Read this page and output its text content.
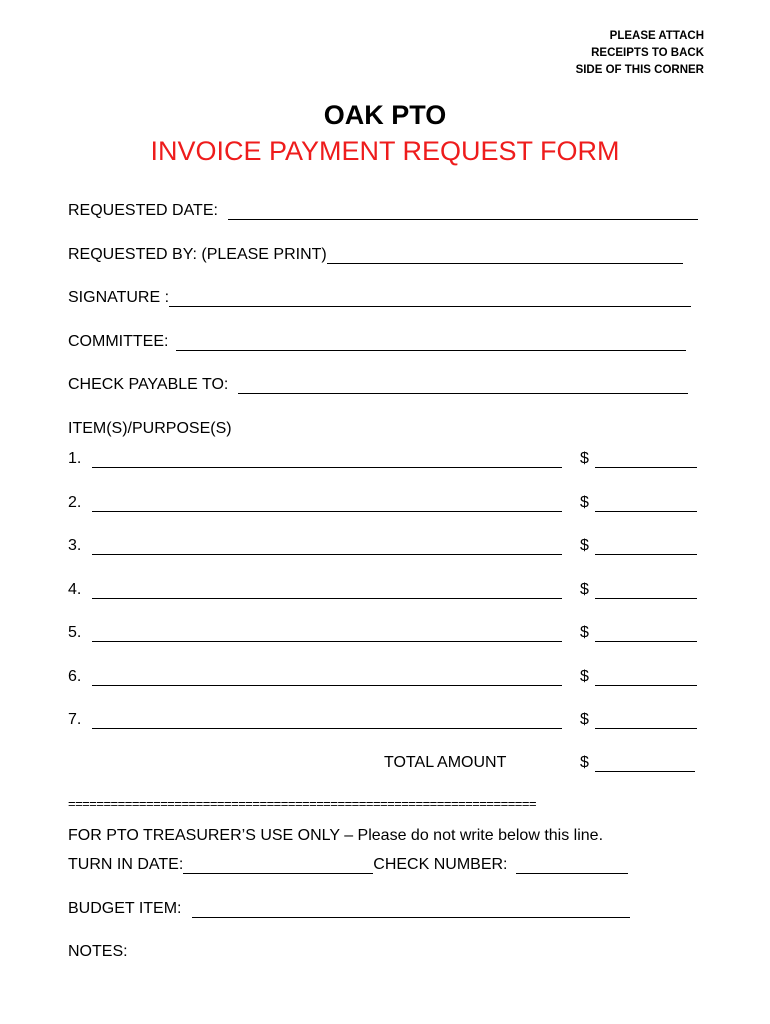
PLEASE ATTACH
RECEIPTS TO BACK
SIDE OF THIS CORNER
OAK PTO
INVOICE PAYMENT REQUEST FORM
REQUESTED DATE:
REQUESTED BY: (PLEASE PRINT)
SIGNATURE :
COMMITTEE:
CHECK PAYABLE TO:
ITEM(S)/PURPOSE(S)
1.	$
2.	$
3.	$
4.	$
5.	$
6.	$
7.	$
TOTAL AMOUNT	$
==================================================================
FOR PTO TREASURER’S USE ONLY – Please do not write below this line.
TURN IN DATE:	CHECK NUMBER:
BUDGET ITEM:
NOTES:
